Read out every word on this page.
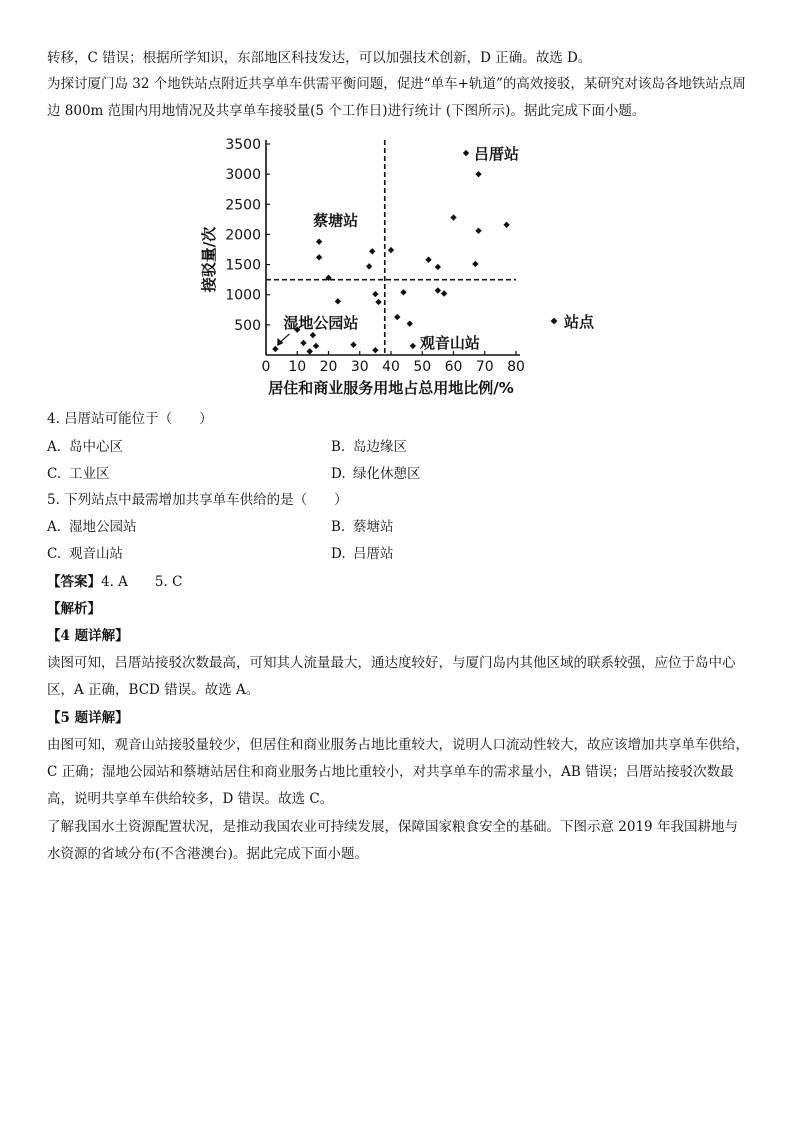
转移，C 错误；根据所学知识，东部地区科技发达，可以加强技术创新，D 正确。故选 D。

为探讨厦门岛 32 个地铁站点附近共享单车供需平衡问题，促进“单车+轨道”的高效接驳，某研究对该岛各地铁站点周边 800m 范围内用地情况及共享单车接驳量(5 个工作日)进行统计 (下图所示)。据此完成下面小题。

0 10 20 30 40 50 60 70 80
500
1000
1500
2000
2500
3000
3500
居住和商业服务用地占总用地比例/%
接驳量/次
吕厝站
蔡塘站
湿地公园站
观音山站
站点
4. 吕厝站可能位于（　　）
A. 岛中心区	B. 岛边缘区
C. 工业区	D. 绿化休憩区
5. 下列站点中最需增加共享单车供给的是（　　）
A. 湿地公园站	B. 蔡塘站
C. 观音山站	D. 吕厝站
【答案】4. A　　5. C
【解析】
【4 题详解】

读图可知，吕厝站接驳次数最高，可知其人流量最大，通达度较好，与厦门岛内其他区域的联系较强，应位于岛中心区，A 正确，BCD 错误。故选 A。

【5 题详解】

由图可知，观音山站接驳量较少，但居住和商业服务占地比重较大，说明人口流动性较大，故应该增加共享单车供给，C 正确；湿地公园站和蔡塘站居住和商业服务占地比重较小，对共享单车的需求量小，AB 错误；吕厝站接驳次数最高，说明共享单车供给较多，D 错误。故选 C。

了解我国水土资源配置状况，是推动我国农业可持续发展，保障国家粮食安全的基础。下图示意 2019 年我国耕地与水资源的省域分布(不含港澳台)。据此完成下面小题。
